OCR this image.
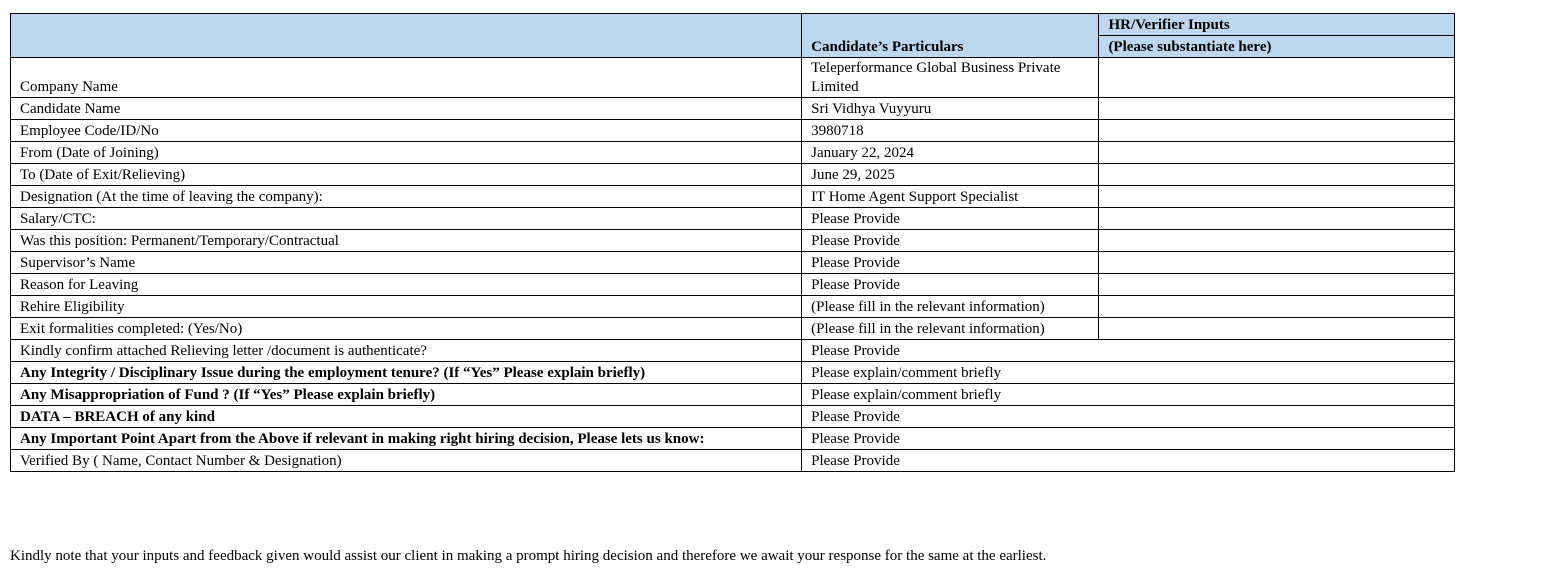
	Candidate’s Particulars	HR/Verifier Inputs
		(Please substantiate here)
Company Name	Teleperformance Global Business Private Limited	
Candidate Name	Sri Vidhya Vuyyuru	
Employee Code/ID/No	3980718	
From (Date of Joining)	January 22, 2024	
To (Date of Exit/Relieving)	June 29, 2025	
Designation (At the time of leaving the company):	IT Home Agent Support Specialist	
Salary/CTC:	Please Provide	
Was this position: Permanent/Temporary/Contractual	Please Provide	
Supervisor’s Name	Please Provide	
Reason for Leaving	Please Provide	
Rehire Eligibility	(Please fill in the relevant information)	
Exit formalities completed: (Yes/No)	(Please fill in the relevant information)	
Kindly confirm attached Relieving letter /document is authenticate?	Please Provide	
Any Integrity / Disciplinary Issue during the employment tenure? (If “Yes” Please explain briefly)	Please explain/comment briefly	
Any Misappropriation of Fund ? (If “Yes” Please explain briefly)	Please explain/comment briefly	
DATA – BREACH of any kind	Please Provide	
Any Important Point Apart from the Above if relevant in making right hiring decision, Please lets us know:	Please Provide	
Verified By ( Name, Contact Number & Designation)	Please Provide	
Kindly note that your inputs and feedback given would assist our client in making a prompt hiring decision and therefore we await your response for the same at the earliest.
